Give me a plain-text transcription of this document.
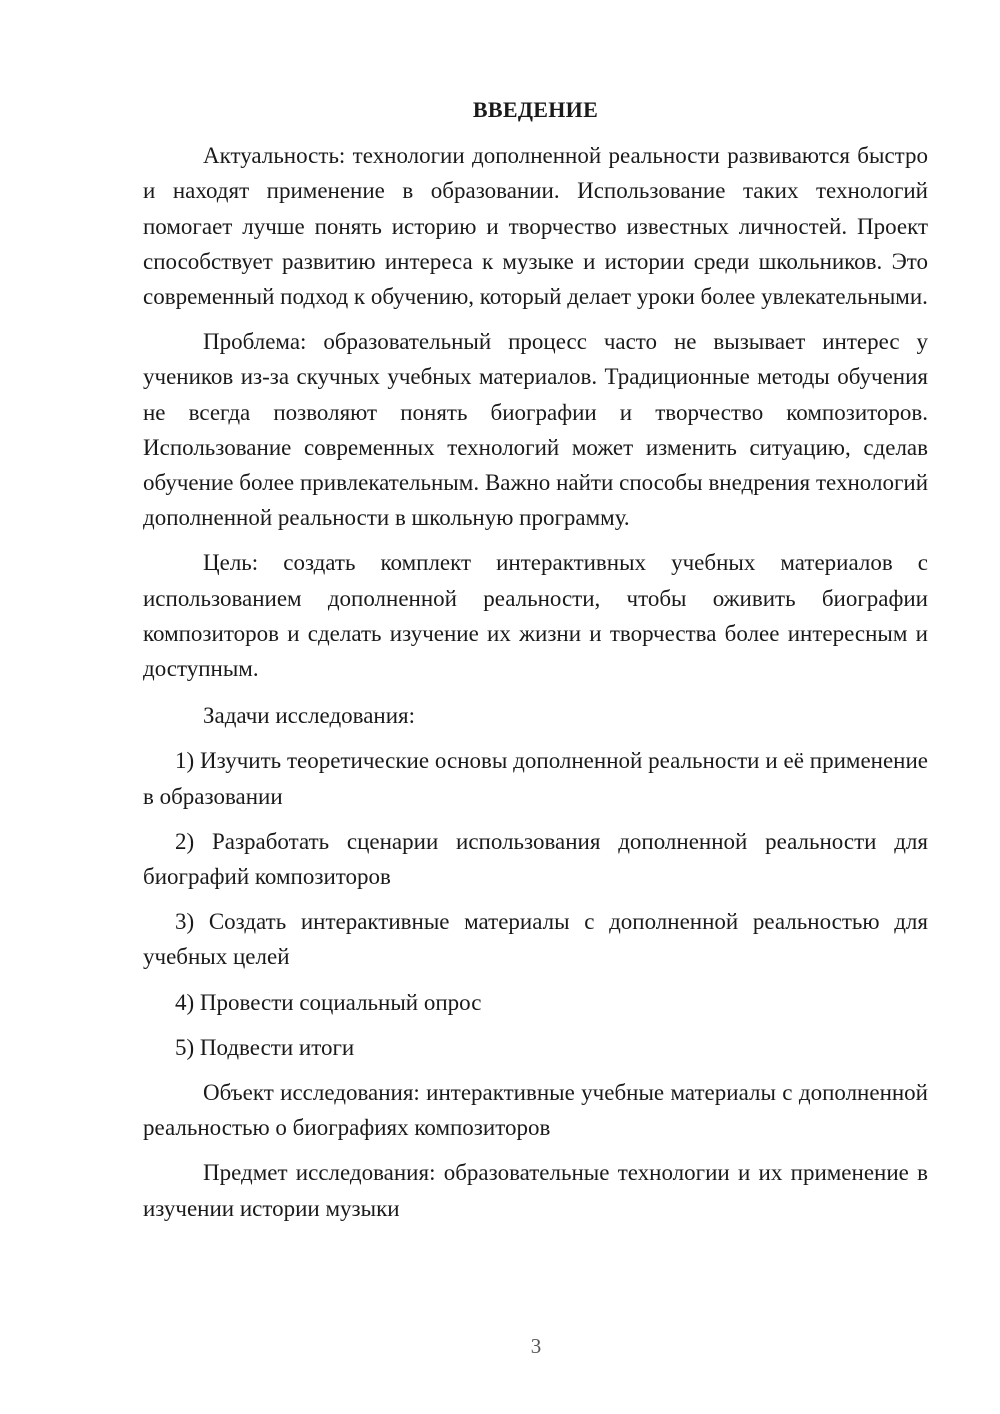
ВВЕДЕНИЕ

Актуальность: технологии дополненной реальности развиваются быстро и находят применение в образовании. Использование таких технологий помогает лучше понять историю и творчество известных личностей. Проект способствует развитию интереса к музыке и истории среди школьников. Это современный подход к обучению, который делает уроки более увлекательными.

Проблема: образовательный процесс часто не вызывает интерес у учеников из-за скучных учебных материалов. Традиционные методы обучения не всегда позволяют понять биографии и творчество композиторов. Использование современных технологий может изменить ситуацию, сделав обучение более привлекательным. Важно найти способы внедрения технологий дополненной реальности в школьную программу.

Цель: создать комплект интерактивных учебных материалов с использованием дополненной реальности, чтобы оживить биографии композиторов и сделать изучение их жизни и творчества более интересным и доступным.

Задачи исследования:

1) Изучить теоретические основы дополненной реальности и её применение в образовании

2) Разработать сценарии использования дополненной реальности для биографий композиторов

3) Создать интерактивные материалы с дополненной реальностью для учебных целей

4) Провести социальный опрос

5) Подвести итоги

Объект исследования: интерактивные учебные материалы с дополненной реальностью о биографиях композиторов

Предмет исследования: образовательные технологии и их применение в изучении истории музыки

3
